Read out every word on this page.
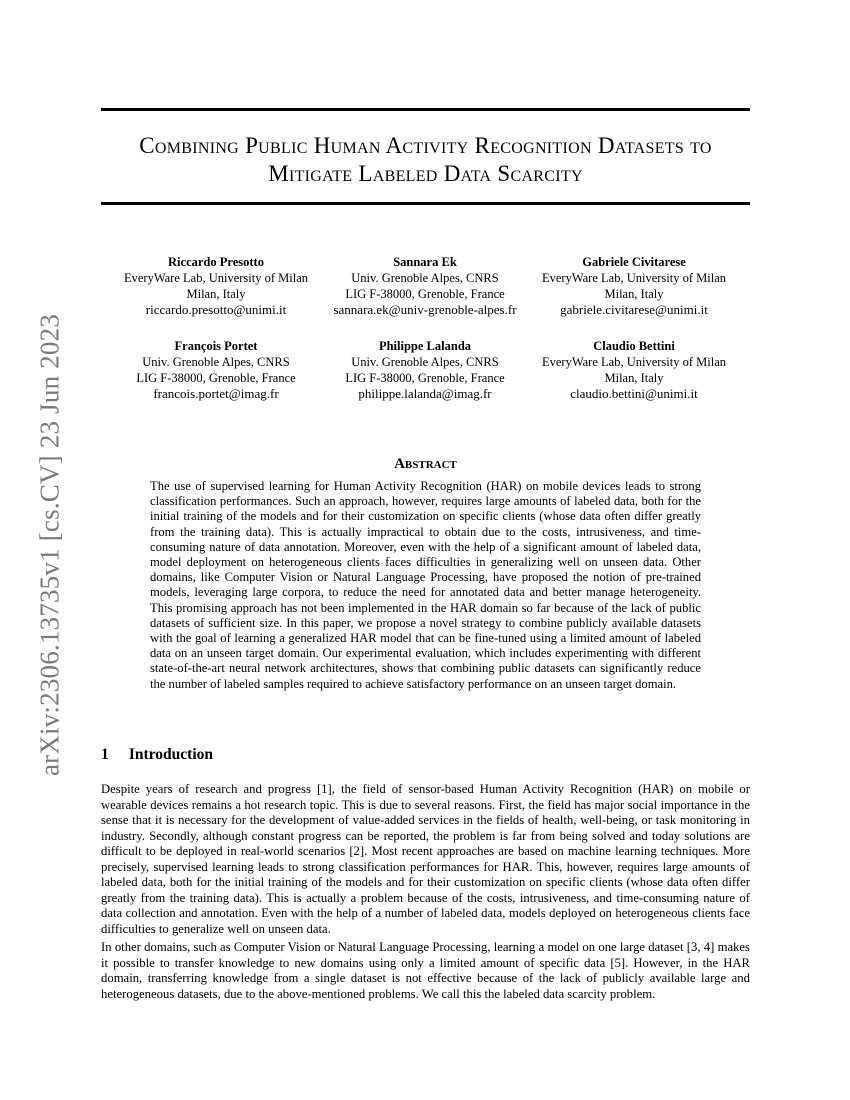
arXiv:2306.13735v1 [cs.CV] 23 Jun 2023
Combining Public Human Activity Recognition Datasets to Mitigate Labeled Data Scarcity
Riccardo Presotto
EveryWare Lab, University of Milan
Milan, Italy
riccardo.presotto@unimi.it
Sannara Ek
Univ. Grenoble Alpes, CNRS
LIG F-38000, Grenoble, France
sannara.ek@univ-grenoble-alpes.fr
Gabriele Civitarese
EveryWare Lab, University of Milan
Milan, Italy
gabriele.civitarese@unimi.it
François Portet
Univ. Grenoble Alpes, CNRS
LIG F-38000, Grenoble, France
francois.portet@imag.fr
Philippe Lalanda
Univ. Grenoble Alpes, CNRS
LIG F-38000, Grenoble, France
philippe.lalanda@imag.fr
Claudio Bettini
EveryWare Lab, University of Milan
Milan, Italy
claudio.bettini@unimi.it
Abstract
The use of supervised learning for Human Activity Recognition (HAR) on mobile devices leads to strong classification performances. Such an approach, however, requires large amounts of labeled data, both for the initial training of the models and for their customization on specific clients (whose data often differ greatly from the training data). This is actually impractical to obtain due to the costs, intrusiveness, and time-consuming nature of data annotation. Moreover, even with the help of a significant amount of labeled data, model deployment on heterogeneous clients faces difficulties in generalizing well on unseen data. Other domains, like Computer Vision or Natural Language Processing, have proposed the notion of pre-trained models, leveraging large corpora, to reduce the need for annotated data and better manage heterogeneity. This promising approach has not been implemented in the HAR domain so far because of the lack of public datasets of sufficient size. In this paper, we propose a novel strategy to combine publicly available datasets with the goal of learning a generalized HAR model that can be fine-tuned using a limited amount of labeled data on an unseen target domain. Our experimental evaluation, which includes experimenting with different state-of-the-art neural network architectures, shows that combining public datasets can significantly reduce the number of labeled samples required to achieve satisfactory performance on an unseen target domain.
1 Introduction
Despite years of research and progress [1], the field of sensor-based Human Activity Recognition (HAR) on mobile or wearable devices remains a hot research topic. This is due to several reasons. First, the field has major social importance in the sense that it is necessary for the development of value-added services in the fields of health, well-being, or task monitoring in industry. Secondly, although constant progress can be reported, the problem is far from being solved and today solutions are difficult to be deployed in real-world scenarios [2]. Most recent approaches are based on machine learning techniques. More precisely, supervised learning leads to strong classification performances for HAR. This, however, requires large amounts of labeled data, both for the initial training of the models and for their customization on specific clients (whose data often differ greatly from the training data). This is actually a problem because of the costs, intrusiveness, and time-consuming nature of data collection and annotation. Even with the help of a number of labeled data, models deployed on heterogeneous clients face difficulties to generalize well on unseen data.
In other domains, such as Computer Vision or Natural Language Processing, learning a model on one large dataset [3, 4] makes it possible to transfer knowledge to new domains using only a limited amount of specific data [5]. However, in the HAR domain, transferring knowledge from a single dataset is not effective because of the lack of publicly available large and heterogeneous datasets, due to the above-mentioned problems. We call this the labeled data scarcity problem.
